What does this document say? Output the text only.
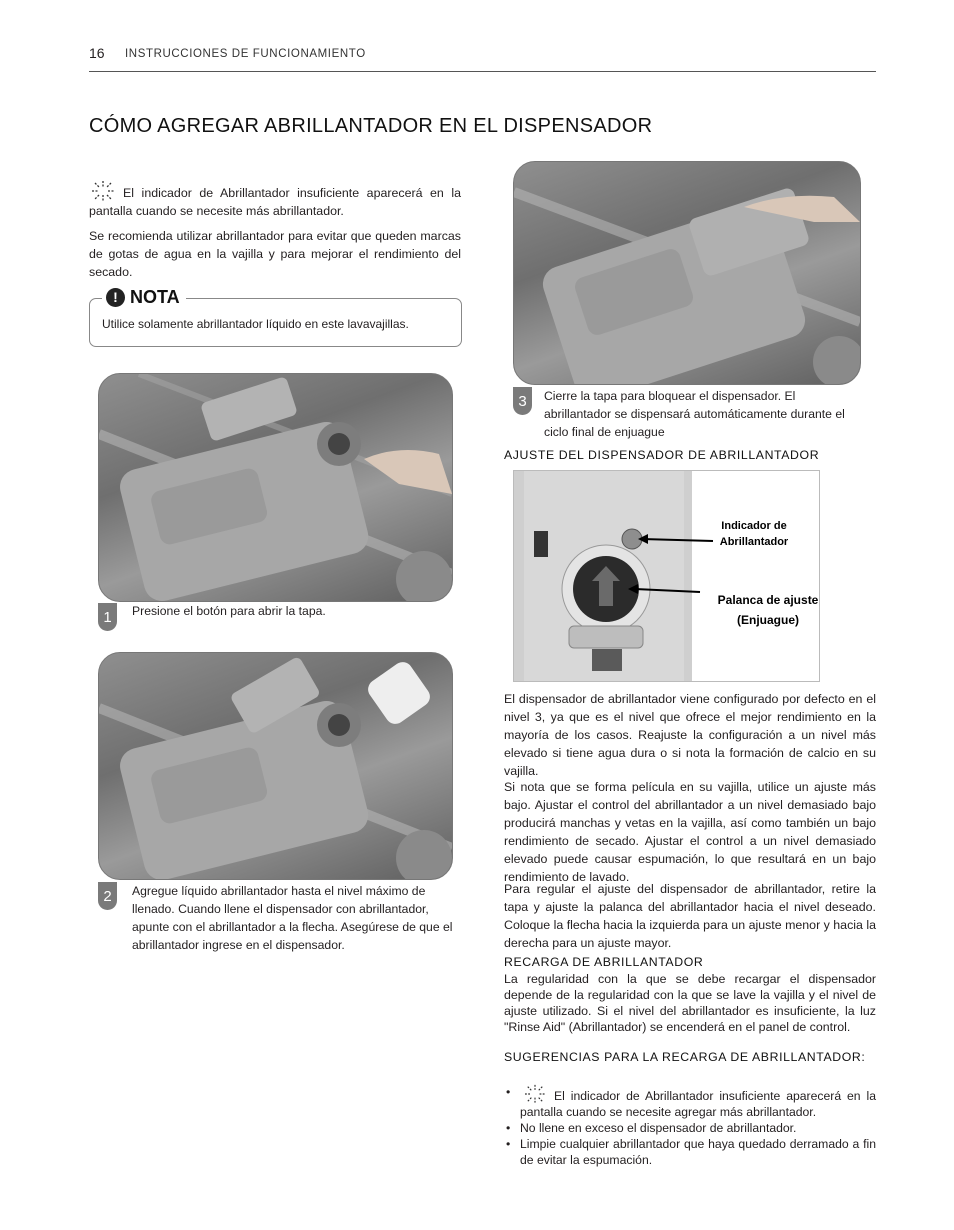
16 INSTRUCCIONES DE FUNCIONAMIENTO
CÓMO AGREGAR ABRILLANTADOR EN EL DISPENSADOR
El indicador de Abrillantador insuficiente aparecerá en la pantalla cuando se necesite más abrillantador.
Se recomienda utilizar abrillantador para evitar que queden marcas de gotas de agua en la vajilla y para mejorar el rendimiento del secado.
! NOTA
Utilice solamente abrillantador líquido en este lavavajillas.
1	Presione el botón para abrir la tapa.
2	Agregue líquido abrillantador hasta el nivel máximo de llenado. Cuando llene el dispensador con abrillantador, apunte con el abrillantador a la flecha. Asegúrese de que el abrillantador ingrese en el dispensador.
3	Cierre la tapa para bloquear el dispensador. El abrillantador se dispensará automáticamente durante el ciclo final de enjuague
AJUSTE DEL DISPENSADOR DE ABRILLANTADOR
Indicador de Abrillantador
Palanca de ajuste (Enjuague)
El dispensador de abrillantador viene configurado por defecto en el nivel 3, ya que es el nivel que ofrece el mejor rendimiento en la mayoría de los casos. Reajuste la configuración a un nivel más elevado si tiene agua dura o si nota la formación de calcio en su vajilla.
Si nota que se forma película en su vajilla, utilice un ajuste más bajo. Ajustar el control del abrillantador a un nivel demasiado bajo producirá manchas y vetas en la vajilla, así como también un bajo rendimiento de secado. Ajustar el control a un nivel demasiado elevado puede causar espumación, lo que resultará en un bajo rendimiento de lavado.
Para regular el ajuste del dispensador de abrillantador, retire la tapa y ajuste la palanca del abrillantador hacia el nivel deseado. Coloque la flecha hacia la izquierda para un ajuste menor y hacia la derecha para un ajuste mayor.
RECARGA DE ABRILLANTADOR
La regularidad con la que se debe recargar el dispensador depende de la regularidad con la que se lave la vajilla y el nivel de ajuste utilizado. Si el nivel del abrillantador es insuficiente, la luz "Rinse Aid" (Abrillantador) se encenderá en el panel de control.
SUGERENCIAS PARA LA RECARGA DE ABRILLANTADOR:
• El indicador de Abrillantador insuficiente aparecerá en la pantalla cuando se necesite agregar más abrillantador.
• No llene en exceso el dispensador de abrillantador.
• Limpie cualquier abrillantador que haya quedado derramado a fin de evitar la espumación.
